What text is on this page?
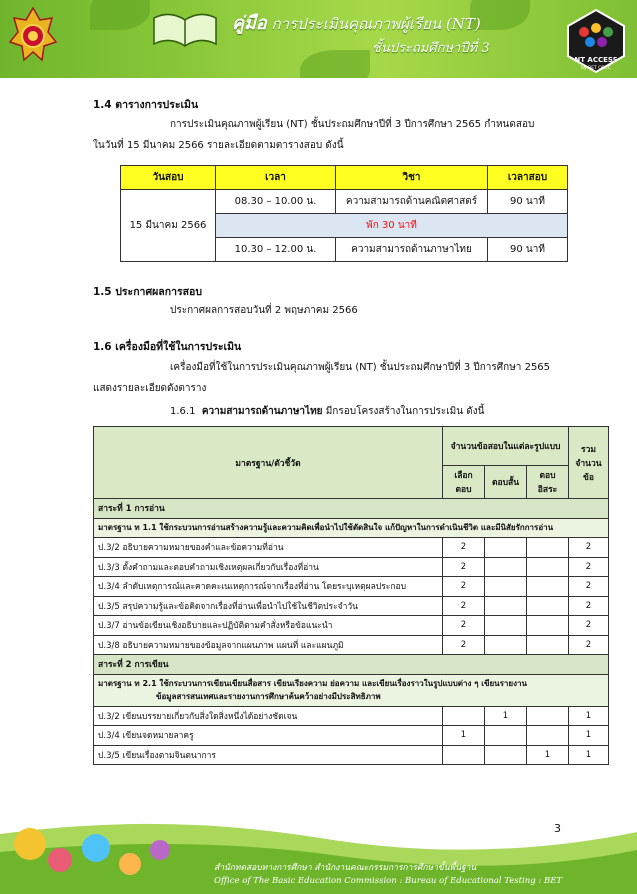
คู่มือ การประเมินคุณภาพผู้เรียน (NT)
ชั้นประถมศึกษาปีที่ 3
NT ACCESS
by BET OBEC
1.4 ตารางการประเมิน
การประเมินคุณภาพผู้เรียน (NT) ชั้นประถมศึกษาปีที่ 3 ปีการศึกษา 2565 กำหนดสอบ
ในวันที่ 15 มีนาคม 2566 รายละเอียดตามตารางสอบ ดังนี้
วันสอบ	เวลา	วิชา	เวลาสอบ
15 มีนาคม 2566	08.30 – 10.00 น.	ความสามารถด้านคณิตศาสตร์	90 นาที
	พัก 30 นาที		
	10.30 – 12.00 น.	ความสามารถด้านภาษาไทย	90 นาที
1.5 ประกาศผลการสอบ
ประกาศผลการสอบวันที่ 2 พฤษภาคม 2566
1.6 เครื่องมือที่ใช้ในการประเมิน
เครื่องมือที่ใช้ในการประเมินคุณภาพผู้เรียน (NT) ชั้นประถมศึกษาปีที่ 3 ปีการศึกษา 2565
แสดงรายละเอียดดังตาราง
1.6.1 ความสามารถด้านภาษาไทย มีกรอบโครงสร้างในการประเมิน ดังนี้
มาตรฐาน/ตัวชี้วัด	จำนวนข้อสอบในแต่ละรูปแบบ			รวมจำนวนข้อ
	เลือกตอบ	ตอบสั้น	ตอบอิสระ	
สาระที่ 1 การอ่าน				
มาตรฐาน ท 1.1 ใช้กระบวนการอ่านสร้างความรู้และความคิดเพื่อนำไปใช้ตัดสินใจ แก้ปัญหาในการดำเนินชีวิต และมีนิสัยรักการอ่าน				
ป.3/2 อธิบายความหมายของคำและข้อความที่อ่าน	2			2
ป.3/3 ตั้งคำถามและตอบคำถามเชิงเหตุผลเกี่ยวกับเรื่องที่อ่าน	2			2
ป.3/4 ลำดับเหตุการณ์และคาดคะเนเหตุการณ์จากเรื่องที่อ่าน โดยระบุเหตุผลประกอบ	2			2
ป.3/5 สรุปความรู้และข้อคิดจากเรื่องที่อ่านเพื่อนำไปใช้ในชีวิตประจำวัน	2			2
ป.3/7 อ่านข้อเขียนเชิงอธิบายและปฏิบัติตามคำสั่งหรือข้อแนะนำ	2			2
ป.3/8 อธิบายความหมายของข้อมูลจากแผนภาพ แผนที่ และแผนภูมิ	2			2
สาระที่ 2 การเขียน				

มาตรฐาน ท 2.1 ใช้กระบวนการเขียนเขียนสื่อสาร เขียนเรียงความ ย่อความ และเขียนเรื่องราวในรูปแบบต่าง ๆ เขียนรายงาน
ข้อมูลสารสนเทศและรายงานการศึกษาค้นคว้าอย่างมีประสิทธิภาพ				

ป.3/2 เขียนบรรยายเกี่ยวกับสิ่งใดสิ่งหนึ่งได้อย่างชัดเจน		1		1
ป.3/4 เขียนจดหมายลาครู	1			1
ป.3/5 เขียนเรื่องตามจินตนาการ			1	1
3
สำนักทดสอบทางการศึกษา สำนักงานคณะกรรมการการศึกษาขั้นพื้นฐาน
Office of The Basic Education Commission : Bureau of Educational Testing : BET
